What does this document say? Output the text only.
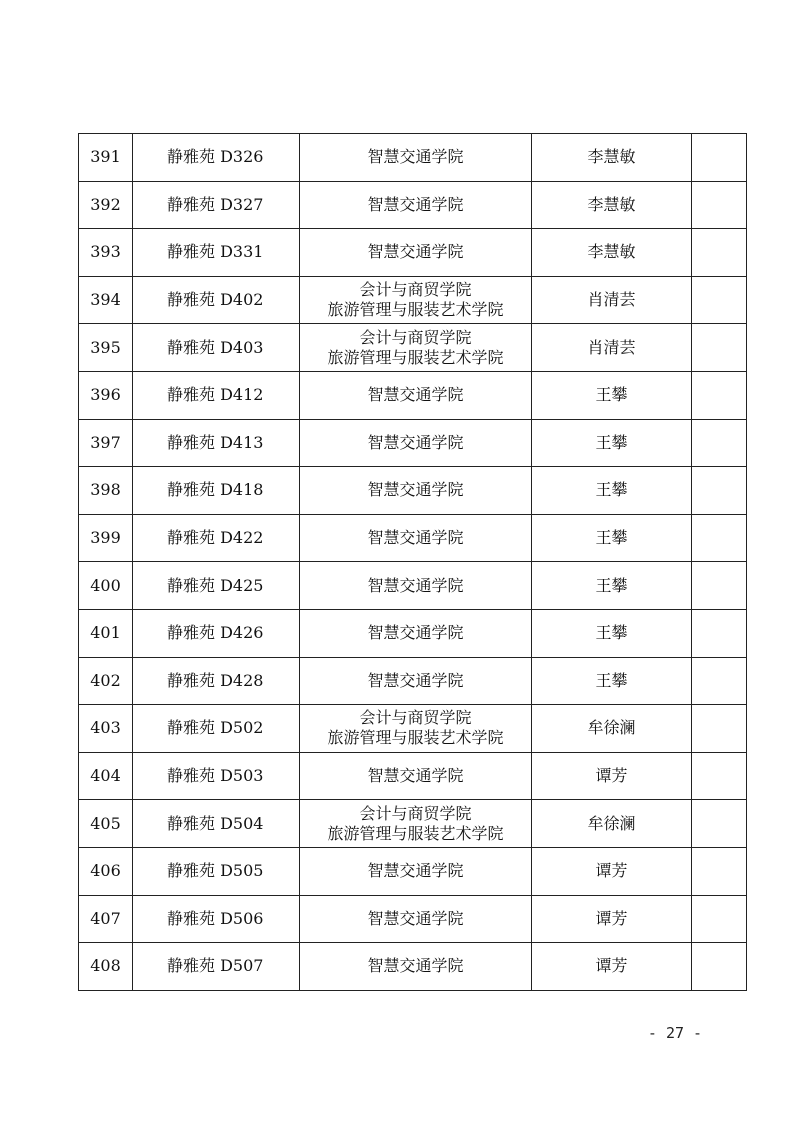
391	静雅苑 D326	智慧交通学院	李慧敏	
392	静雅苑 D327	智慧交通学院	李慧敏	
393	静雅苑 D331	智慧交通学院	李慧敏	
394	静雅苑 D402	会计与商贸学院
旅游管理与服装艺术学院	肖清芸	
395	静雅苑 D403	会计与商贸学院
旅游管理与服装艺术学院	肖清芸	
396	静雅苑 D412	智慧交通学院	王攀	
397	静雅苑 D413	智慧交通学院	王攀	
398	静雅苑 D418	智慧交通学院	王攀	
399	静雅苑 D422	智慧交通学院	王攀	
400	静雅苑 D425	智慧交通学院	王攀	
401	静雅苑 D426	智慧交通学院	王攀	
402	静雅苑 D428	智慧交通学院	王攀	
403	静雅苑 D502	会计与商贸学院
旅游管理与服装艺术学院	牟徐澜	
404	静雅苑 D503	智慧交通学院	谭芳	
405	静雅苑 D504	会计与商贸学院
旅游管理与服装艺术学院	牟徐澜	
406	静雅苑 D505	智慧交通学院	谭芳	
407	静雅苑 D506	智慧交通学院	谭芳	
408	静雅苑 D507	智慧交通学院	谭芳	
- 27 -
